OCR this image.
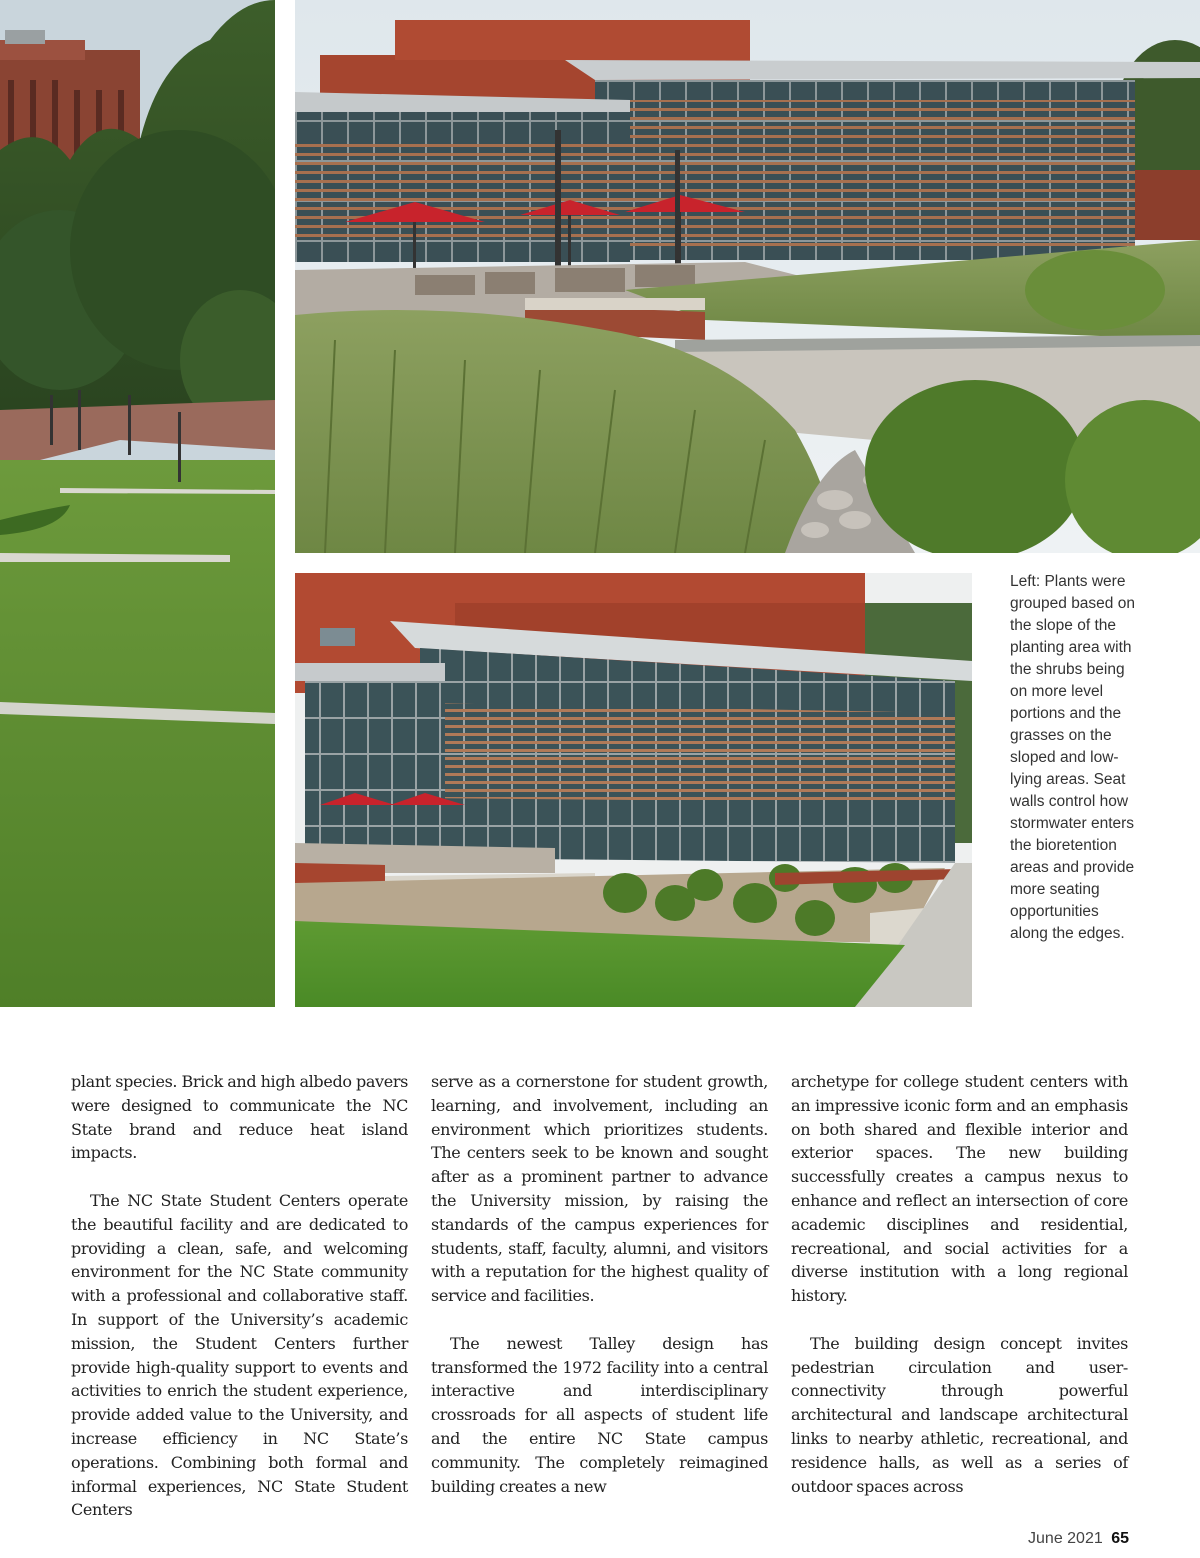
Left: Plants were
grouped based on
the slope of the
planting area with
the shrubs being
on more level
portions and the
grasses on the
sloped and low-
lying areas. Seat
walls control how
stormwater enters
the bioretention
areas and provide
more seating
opportunities
along the edges.

plant species. Brick and high albedo pavers were designed to communicate the NC State brand and reduce heat island impacts.

The NC State Student Centers operate the beautiful facility and are dedicated to providing a clean, safe, and welcoming environment for the NC State community with a professional and collaborative staff. In support of the University’s academic mission, the Student Centers further provide high-quality support to events and activities to enrich the student experience, provide added value to the University, and increase efficiency in NC State’s operations. Combining both formal and informal experiences, NC State Student Centers

serve as a cornerstone for student growth, learning, and involvement, including an environment which prioritizes students. The centers seek to be known and sought after as a prominent partner to advance the University mission, by raising the standards of the campus experiences for students, staff, faculty, alumni, and visitors with a reputation for the highest quality of service and facilities.

The newest Talley design has transformed the 1972 facility into a central interactive and interdisciplinary crossroads for all aspects of student life and the entire NC State campus community. The completely reimagined building creates a new

archetype for college student centers with an impressive iconic form and an emphasis on both shared and flexible interior and exterior spaces. The new building successfully creates a campus nexus to enhance and reflect an intersection of core academic disciplines and residential, recreational, and social activities for a diverse institution with a long regional history.

The building design concept invites pedestrian circulation and user-connectivity through powerful architectural and landscape architectural links to nearby athletic, recreational, and residence halls, as well as a series of outdoor spaces across

June 2021 65
